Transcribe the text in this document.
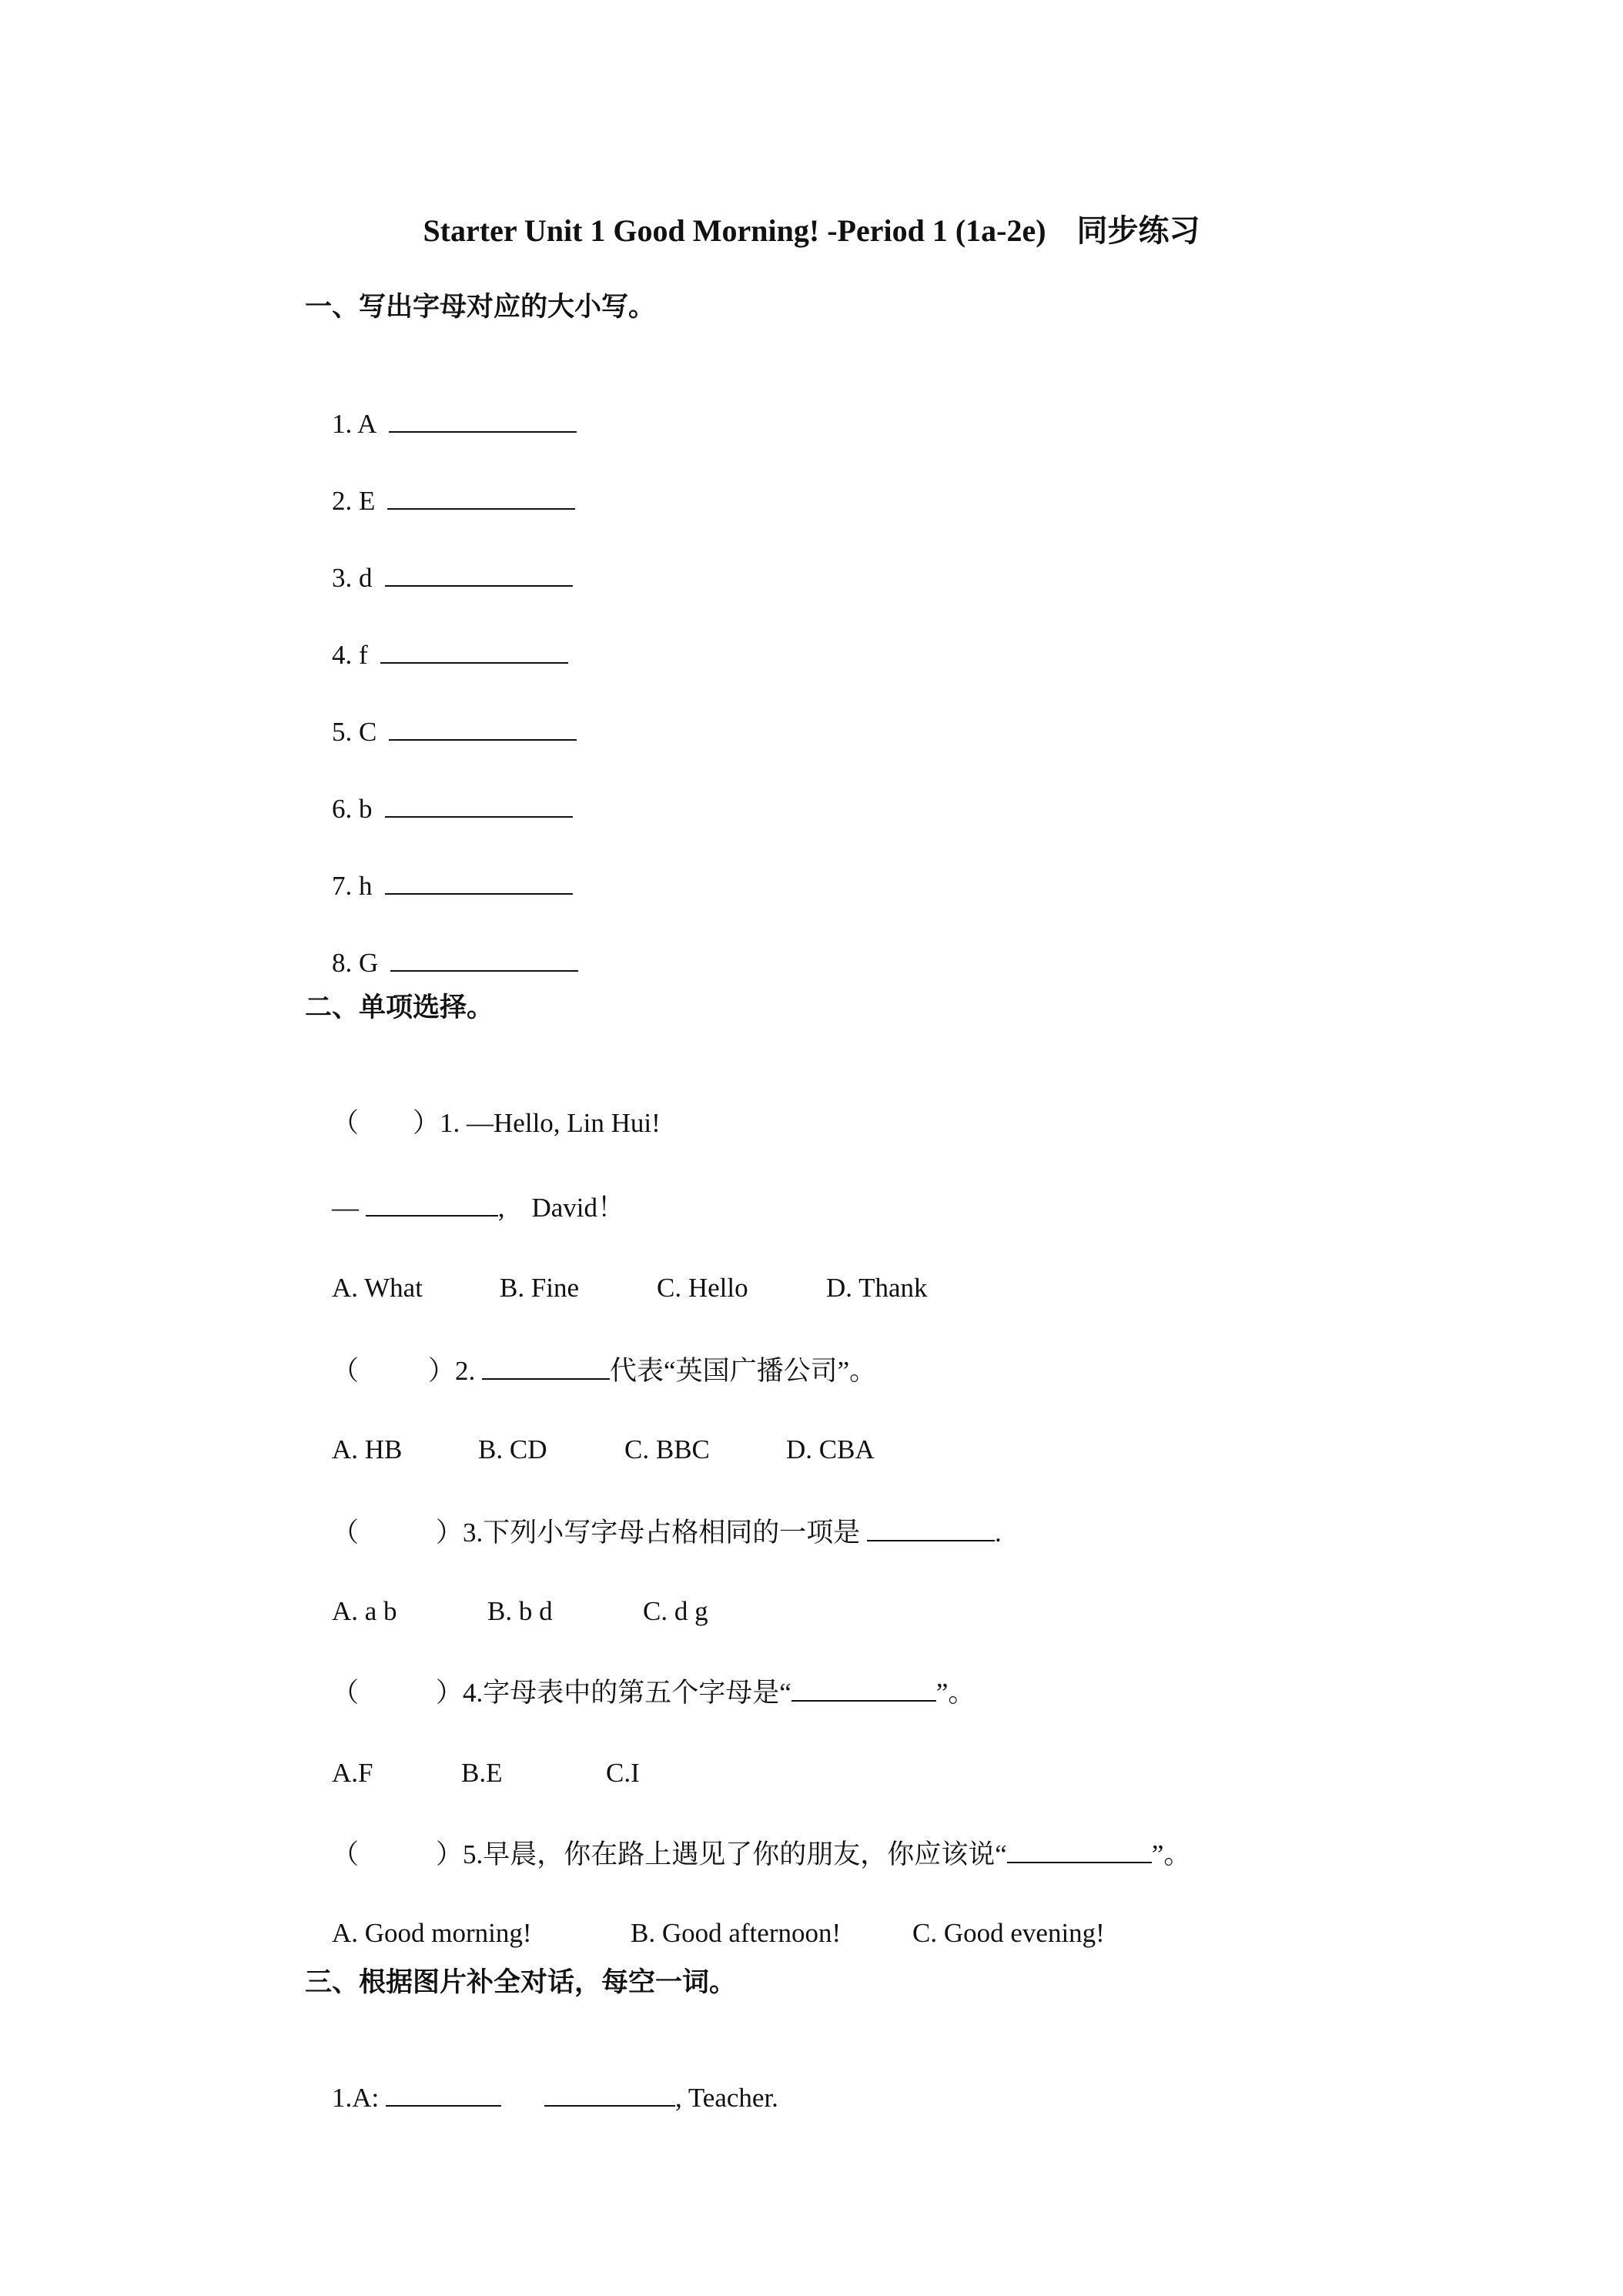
Starter Unit 1 Good Morning! -Period 1 (1a-2e)　同步练习
一、写出字母对应的大小写。

1. A

2. E

3. d

4. f

5. C

6. b

7. h

8. G

二、单项选择。

（ ）1. —Hello, Lin Hui!

—	,　David！

A. What	B. Fine	C. Hello	D. Thank

（	）2.	代表“英国广播公司”。

A. HB	B. CD	C. BBC	D. CBA

（	）3.下列小写字母占格相同的一项是	.

A. a b	B. b d	C. d g

（	）4.字母表中的第五个字母是“	”。

A.F	B.E	C.I

（	）5.早晨，你在路上遇见了你的朋友，你应该说“	”。

A. Good morning!	B. Good afternoon!	C. Good evening!

三、根据图片补全对话，每空一词。

1.A:	, Teacher.
